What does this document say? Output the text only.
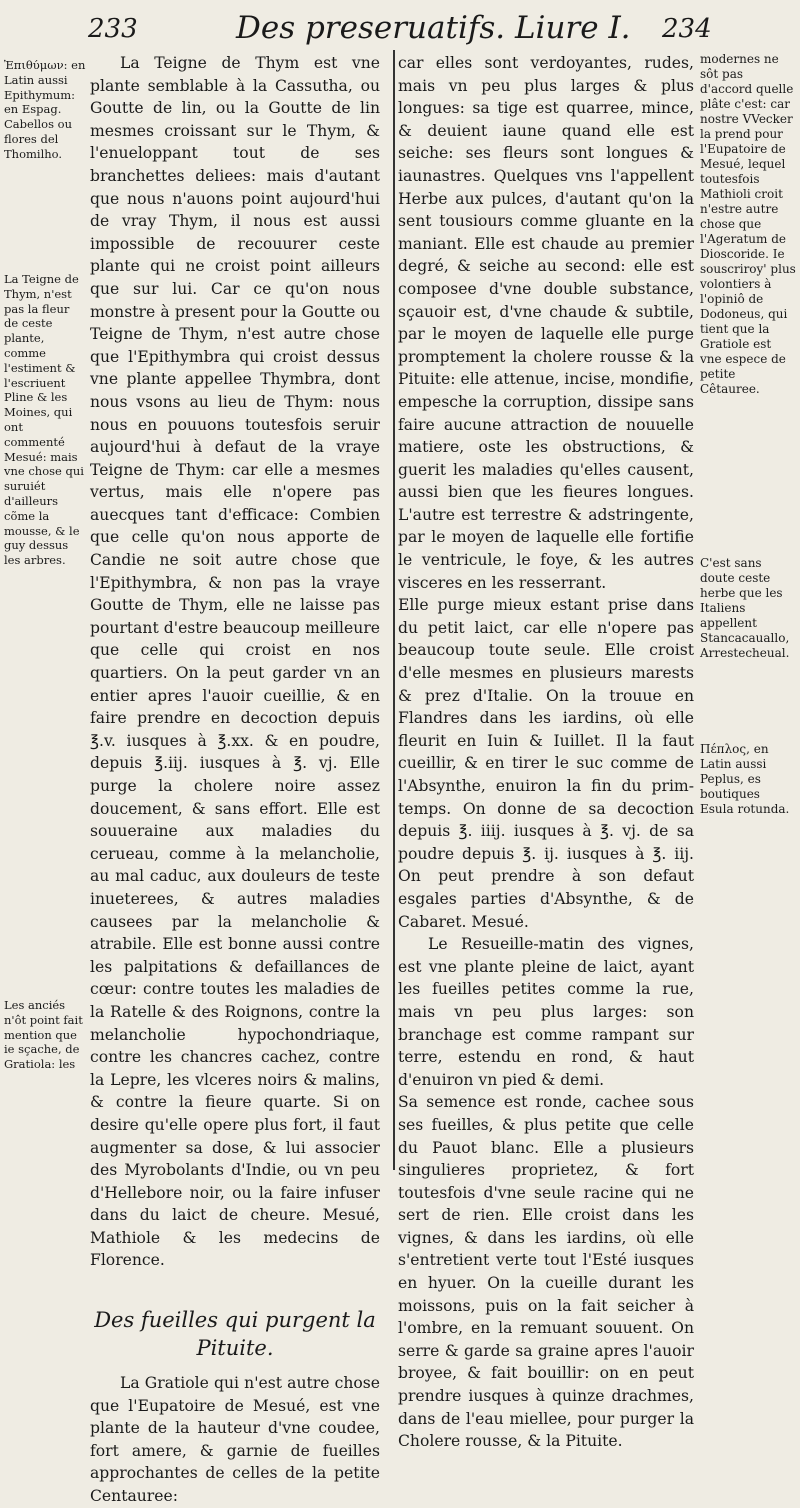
233	Des preseruatifs. Liure I. 234

Ἐπιθύμων: en Latin aussi Epithymum: en Espag. Cabellos ou flores del Thomilho.

La Teigne de Thym, n'est pas la fleur de ceste plante, comme l'estiment & l'escriuent Pline & les Moines, qui ont commenté Mesué: mais vne chose qui suruiét d'ailleurs cõme la mousse, & le guy dessus les arbres.

Les anciés n'ôt point fait mention que ie sçache, de Gratiola: les

La Teigne de Thym est vne plante semblable à la Cassutha, ou Goutte de lin, ou la Goutte de lin mesmes croissant sur le Thym, & l'enueloppant tout de ses branchettes deliees: mais d'autant que nous n'auons point aujourd'hui de vray Thym, il nous est aussi impossible de recouurer ceste plante qui ne croist point ailleurs que sur lui. Car ce qu'on nous monstre à present pour la Goutte ou Teigne de Thym, n'est autre chose que l'Epithymbra qui croist dessus vne plante appellee Thymbra, dont nous vsons au lieu de Thym: nous nous en pouuons toutesfois seruir aujourd'hui à defaut de la vraye Teigne de Thym: car elle a mesmes vertus, mais elle n'opere pas auecques tant d'efficace: Combien que celle qu'on nous apporte de Candie ne soit autre chose que l'Epithymbra, & non pas la vraye Goutte de Thym, elle ne laisse pas pourtant d'estre beaucoup meilleure que celle qui croist en nos quartiers. On la peut garder vn an entier apres l'auoir cueillie, & en faire prendre en decoction depuis ℥.v. iusques à ℥.xx. & en poudre, depuis ℥.iij. iusques à ℥. vj. Elle purge la cholere noire assez doucement, & sans effort. Elle est souueraine aux maladies du cerueau, comme à la melancholie, au mal caduc, aux douleurs de teste inueterees, & autres maladies causees par la melancholie & atrabile. Elle est bonne aussi contre les palpitations & defaillances de cœur: contre toutes les maladies de la Ratelle & des Roignons, contre la melancholie hypochondriaque, contre les chancres cachez, contre la Lepre, les vlceres noirs & malins, & contre la fieure quarte. Si on desire qu'elle opere plus fort, il faut augmenter sa dose, & lui associer des Myrobolants d'Indie, ou vn peu d'Hellebore noir, ou la faire infuser dans du laict de cheure. Mesué, Mathiole & les medecins de Florence.

Des fueilles qui purgent la Pituite.

La Gratiole qui n'est autre chose que l'Eupatoire de Mesué, est vne plante de la hauteur d'vne coudee, fort amere, & garnie de fueilles approchantes de celles de la petite Centauree:

car elles sont verdoyantes, rudes, mais vn peu plus larges & plus longues: sa tige est quarree, mince, & deuient iaune quand elle est seiche: ses fleurs sont longues & iaunastres. Quelques vns l'appellent Herbe aux pulces, d'autant qu'on la sent tousiours comme gluante en la maniant. Elle est chaude au premier degré, & seiche au second: elle est composee d'vne double substance, sçauoir est, d'vne chaude & subtile, par le moyen de laquelle elle purge promptement la cholere rousse & la Pituite: elle attenue, incise, mondifie, empesche la corruption, dissipe sans faire aucune attraction de nouuelle matiere, oste les obstructions, & guerit les maladies qu'elles causent, aussi bien que les fieures longues. L'autre est terrestre & adstringente, par le moyen de laquelle elle fortifie le ventricule, le foye, & les autres visceres en les resserrant.

Elle purge mieux estant prise dans du petit laict, car elle n'opere pas beaucoup toute seule. Elle croist d'elle mesmes en plusieurs marests & prez d'Italie. On la trouue en Flandres dans les iardins, où elle fleurit en Iuin & Iuillet. Il la faut cueillir, & en tirer le suc comme de l'Absynthe, enuiron la fin du prim-temps. On donne de sa decoction depuis ℥. iiij. iusques à ℥. vj. de sa poudre depuis ℥. ij. iusques à ℥. iij. On peut prendre à son defaut esgales parties d'Absynthe, & de Cabaret. Mesué.

Le Resueille-matin des vignes, est vne plante pleine de laict, ayant les fueilles petites comme la rue, mais vn peu plus larges: son branchage est comme rampant sur terre, estendu en rond, & haut d'enuiron vn pied & demi.

Sa semence est ronde, cachee sous ses fueilles, & plus petite que celle du Pauot blanc. Elle a plusieurs singulieres proprietez, & fort toutesfois d'vne seule racine qui ne sert de rien. Elle croist dans les vignes, & dans les iardins, où elle s'entretient verte tout l'Esté iusques en hyuer. On la cueille durant les moissons, puis on la fait seicher à l'ombre, en la remuant souuent. On serre & garde sa graine apres l'auoir broyee, & fait bouillir: on en peut prendre iusques à quinze drachmes, dans de l'eau miellee, pour purger la Cholere rousse, & la Pituite.

modernes ne sôt pas d'accord quelle plâte c'est: car nostre VVecker la prend pour l'Eupatoire de Mesué, lequel toutesfois Mathioli croit n'estre autre chose que l'Ageratum de Dioscoride. Ie souscriroy' plus volontiers à l'opiniô de Dodoneus, qui tient que la Gratiole est vne espece de petite Cêtauree.

C'est sans doute ceste herbe que les Italiens appellent Stancacauallo, Arrestecheual.

Πέπλος, en Latin aussi Peplus, es boutiques Esula rotunda.
